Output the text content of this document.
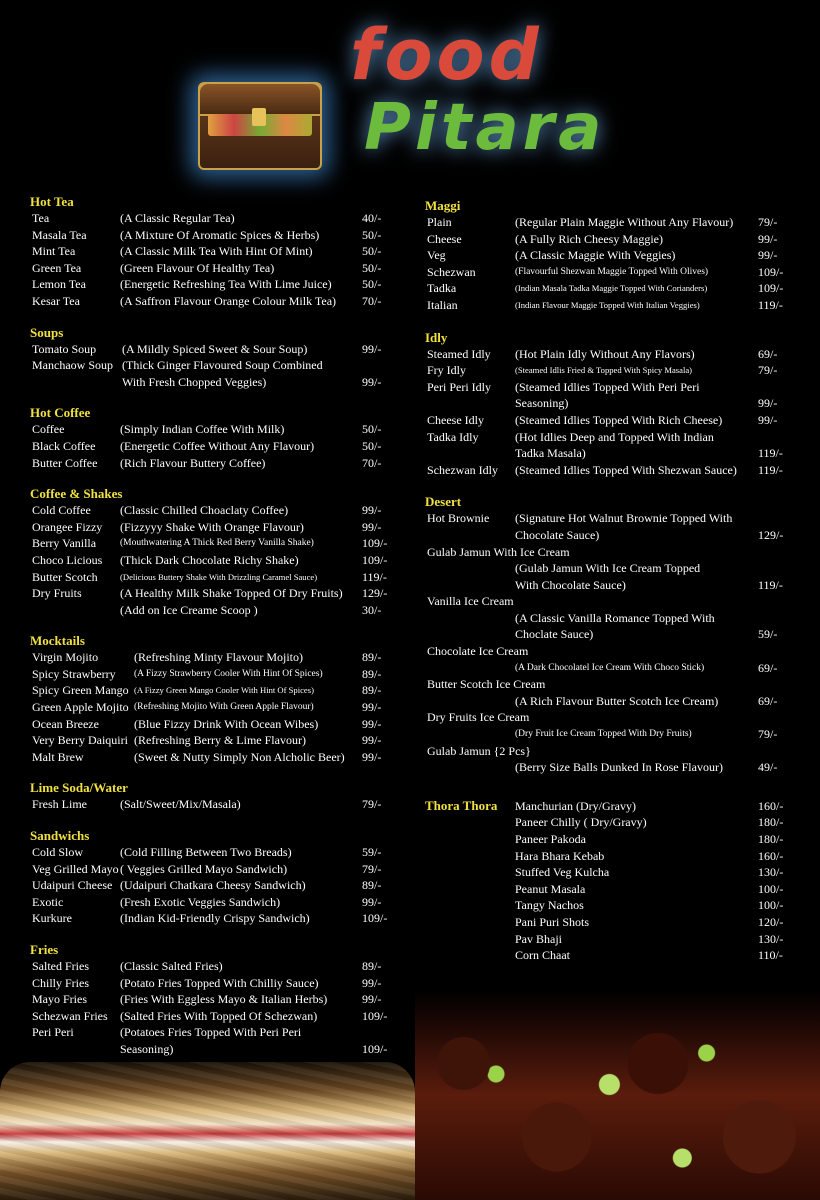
food
Pitara
Hot Tea
Tea	(A Classic Regular Tea)	40/-
Masala Tea	(A Mixture Of Aromatic Spices & Herbs)	50/-
Mint Tea	(A Classic Milk Tea With Hint Of Mint)	50/-
Green Tea	(Green Flavour Of Healthy Tea)	50/-
Lemon Tea	(Energetic Refreshing Tea With Lime Juice)	50/-
Kesar Tea	(A Saffron Flavour Orange Colour Milk Tea) 70/-
Soups
Tomato Soup (A Mildly Spiced Sweet & Sour Soup)	99/-
Manchaow Soup (Thick Ginger Flavoured Soup Combined
With Fresh Chopped Veggies)	99/-
Hot Coffee
Coffee	(Simply Indian Coffee With Milk)	50/-
Black Coffee (Energetic Coffee Without Any Flavour)	50/-
Butter Coffee (Rich Flavour Buttery Coffee)	70/-
Coffee & Shakes
Cold Coffee (Classic Chilled Choaclaty Coffee)	99/-
Orangee Fizzy (Fizzyyy Shake With Orange Flavour)	99/-
Berry Vanilla	(Mouthwatering A Thick Red Berry Vanilla Shake)	109/-
Choco Licious (Thick Dark Chocolate Richy Shake)	109/-
Butter Scotch	(Delicious Buttery Shake With Drizzling Caramel Sauce)	119/-
Dry Fruits	(A Healthy Milk Shake Topped Of Dry Fruits) 129/-
(Add on Ice Creame Scoop )	30/-
Mocktails
Virgin Mojito	(Refreshing Minty Flavour Mojito)	89/-
Spicy Strawberry (A Fizzy Strawberry Cooler With Hint Of Spices)	89/-
Spicy Green Mango (A Fizzy Green Mango Cooler With Hint Of Spices)	89/-
Green Apple Mojito (Refreshing Mojito With Green Apple Flavour)	99/-
Ocean Breeze	(Blue Fizzy Drink With Ocean Wibes)	99/-
Very Berry Daiquiri (Refreshing Berry & Lime Flavour)	99/-
Malt Brew	(Sweet & Nutty Simply Non Alcholic Beer) 99/-
Lime Soda/Water
Fresh Lime	(Salt/Sweet/Mix/Masala)	79/-
Sandwichs
Cold Slow	(Cold Filling Between Two Breads)	59/-
Veg Grilled Mayo ( Veggies Grilled Mayo Sandwich)	79/-
Udaipuri Cheese (Udaipuri Chatkara Cheesy Sandwich)	89/-
Exotic	(Fresh Exotic Veggies Sandwich)	99/-
Kurkure	(Indian Kid-Friendly Crispy Sandwich)	109/-
Fries
Salted Fries	(Classic Salted Fries)	89/-
Chilly Fries	(Potato Fries Topped With Chilliy Sauce)	99/-
Mayo Fries	(Fries With Eggless Mayo & Italian Herbs)	99/-
Schezwan Fries (Salted Fries With Topped Of Schezwan)	109/-
Peri Peri	(Potatoes Fries Topped With Peri Peri
Seasoning)	109/-
Maggi
Plain	(Regular Plain Maggie Without Any Flavour) 79/-
Cheese	(A Fully Rich Cheesy Maggie)	99/-
Veg	(A Classic Maggie With Veggies)	99/-
Schezwan	(Flavourful Shezwan Maggie Topped With Olives)	109/-
Tadka	(Indian Masala Tadka Maggie Topped With Corianders)	109/-
Italian	(Indian Flavour Maggie Topped With Italian Veggies)	119/-
Idly
Steamed Idly (Hot Plain Idly Without Any Flavors)	69/-
Fry Idly	(Steamed Idlis Fried & Topped With Spicy Masala)	79/-
Peri Peri Idly (Steamed Idlies Topped With Peri Peri
Seasoning)	99/-
Cheese Idly	(Steamed Idlies Topped With Rich Cheese)	99/-
Tadka Idly	(Hot Idlies Deep and Topped With Indian
Tadka Masala)	119/-
Schezwan Idly (Steamed Idlies Topped With Shezwan Sauce) 119/-
Desert
Hot Brownie (Signature Hot Walnut Brownie Topped With
Chocolate Sauce)	129/-
Gulab Jamun With Ice Cream
(Gulab Jamun With Ice Cream Topped
With Chocolate Sauce)	119/-
Vanilla Ice Cream
(A Classic Vanilla Romance Topped With
Choclate Sauce)	59/-
Chocolate Ice Cream
(A Dark Chocolatel Ice Cream With Choco Stick)	69/-
Butter Scotch Ice Cream
(A Rich Flavour Butter Scotch Ice Cream)	69/-
Dry Fruits Ice Cream
(Dry Fruit Ice Cream Topped With Dry Fruits)	79/-
Gulab Jamun {2 Pcs}
(Berry Size Balls Dunked In Rose Flavour)	49/-
Thora Thora Manchurian (Dry/Gravy)	160/-
Paneer Chilly ( Dry/Gravy)	180/-
Paneer Pakoda	180/-
Hara Bhara Kebab	160/-
Stuffed Veg Kulcha	130/-
Peanut Masala	100/-
Tangy Nachos	100/-
Pani Puri Shots	120/-
Pav Bhaji	130/-
Corn Chaat	110/-
